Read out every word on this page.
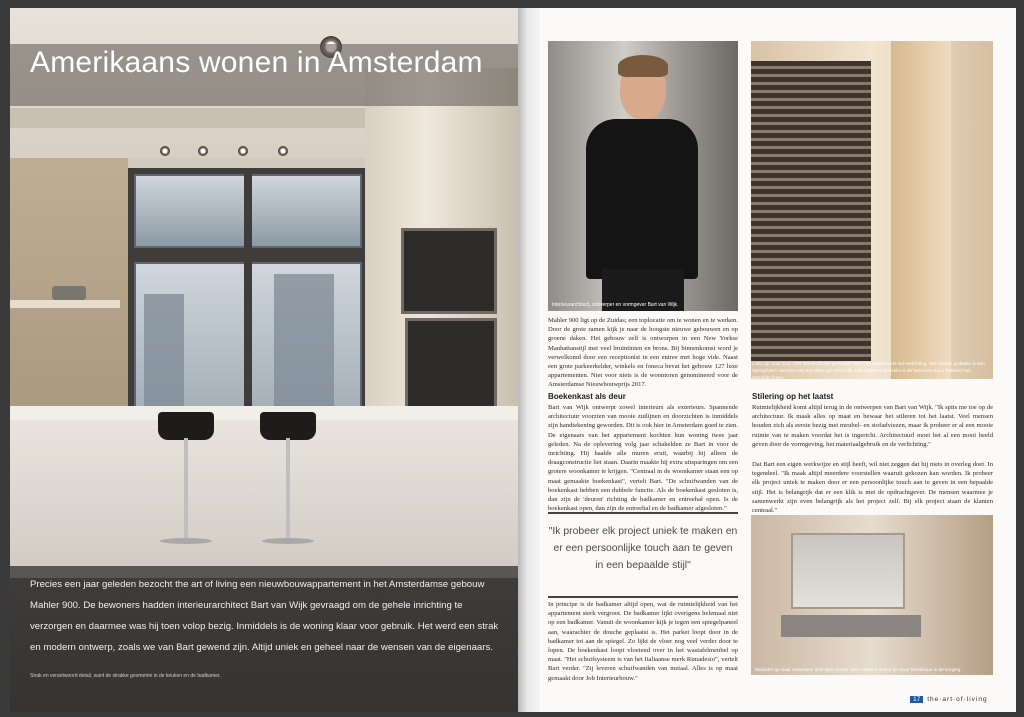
Amerikaans wonen in Amsterdam
Precies een jaar geleden bezocht the art of living een nieuwbouwappartement in het Amsterdamse gebouw Mahler 900. De bewoners hadden interieurarchitect Bart van Wijk gevraagd om de gehele inrichting te verzorgen en daarmee was hij toen volop bezig. Inmiddels is de woning klaar voor gebruik. Het werd een strak en modern ontwerp, zoals we van Bart gewend zijn. Altijd uniek en geheel naar de wensen van de eigenaars.
Strak en verantwoord detail, want de strakke geometrie in de keuken en de badkamer.
Interieurarchitect, ontwerper en vormgever Bart van Wijk.
Links op maat door JOB Interieurbouw gemaakte kast met ingebouwde led-verlichting. Het voorste gedeelte is een opengelaten voorzien van een deur van 30cm dik. Het achterste gedeelte is de betonnen muur bekleed met hetzelfde fineer.
Mahler 900 ligt op de Zuidas; een toplocatie om te wonen en te werken. Door de grote ramen kijk je naar de hoogste nieuwe gebouwen en op groene daken. Het gebouw zelf is ontworpen in een New Yorkse Manhattanstijl met veel bruintinten en brons. Bij binnenkomst word je verwelkomd door een receptionist in een entree met hoge vide. Naast een grote parkeerkelder, winkels en foneca bevat het gebouw 127 luxe appartementen. Niet voor niets is de woontoren genomineerd voor de Amsterdamse Nieuwbouwprijs 2017.
Boekenkast als deur
Bart van Wijk ontwerpt zowel interieurs als exterieurs. Spannende architectuur voorzien van mooie zuilijnen en doorzichten is inmiddels zijn handtekening geworden. Dit is ook hier in Amsterdam goed te zien. De eigenaars van het appartement kochten hun woning twee jaar geleden. Na de oplevering volg jaar schakelden ze Bart in voor de inrichting. Hij haalde alle muren eruit, waarbij hij alleen de draagconstructie liet staan. Daarin maakte hij extra uitsparingen om een grotere woonkamer te krijgen. "Centraal in de woonkamer staan een op maat gemaakte boekenkast", vertelt Bart. "De schuifwanden van de boekenkast hebben een dubbele functie. Als de boekenkast gesloten is, dan zijn de 'deuren' richting de badkamer en entreehal open. Is de boekenkast open, dan zijn de entreehal en de badkamer afgesloten."
"Ik probeer elk project uniek te maken en er een persoonlijke touch aan te geven in een bepaalde stijl"
In principe is de badkamer altijd open, wat de ruimtelijkheid van het appartement sterk vergroot. De badkamer lijkt overigens helemaal niet op een badkamer. Vanuit de woonkamer kijk je tegen een spiegelpaneel aan, waarachter de douche geplaatst is. Het parket loopt door in de badkamer tot aan de spiegel. Zo lijkt de vloer nog veel verder door te lopen. De boekenkast loopt vloeiend over in het wastafelmeubel op maat. "Het schuifsysteem is van het Italiaanse merk Rimadesio", vertelt Bart verder. "Zij leveren schuifwanden van metaal. Alles is op maat gemaakt door Job Interieurbouw."
Stilering op het laatst
Ruimtelijkheid komt altijd terug in de ontwerpen van Bart van Wijk. "Ik spits me toe op de architectuur. Ik maak alles op maat en bewaar het stileren tot het laatst. Veel mensen houden zich als eerste bezig met meubel- en stofadviezen, maar ik probeer er al een mooie ruimte van te maken voordat het is ingericht. Architectuurl moet het al een mooi beeld geven door de vormgeving, het materiaalgebruik en de verlichting."
Dat Bart een eigen werkwijze en stijl heeft, wil niet zeggen dat hij niets in overleg doet. In tegendeel. "Ik maak altijd meerdere voorstellen waaruit gekozen kan worden. Ik probeer elk project uniek te maken door er een persoonlijke touch aan te geven in een bepaalde stijl. Het is belangrijk dat er een klik is met de opdrachtgever. De mensen waarmee je samenwerkt zijn even belangrijk als het project zelf. Bij elk project staan de klanten centraal."
Wastafel op maat ontworpen door Bart zonder vilen. Deze is achter de muur bereikbaar in de kerging.
17 the·art·of·living
